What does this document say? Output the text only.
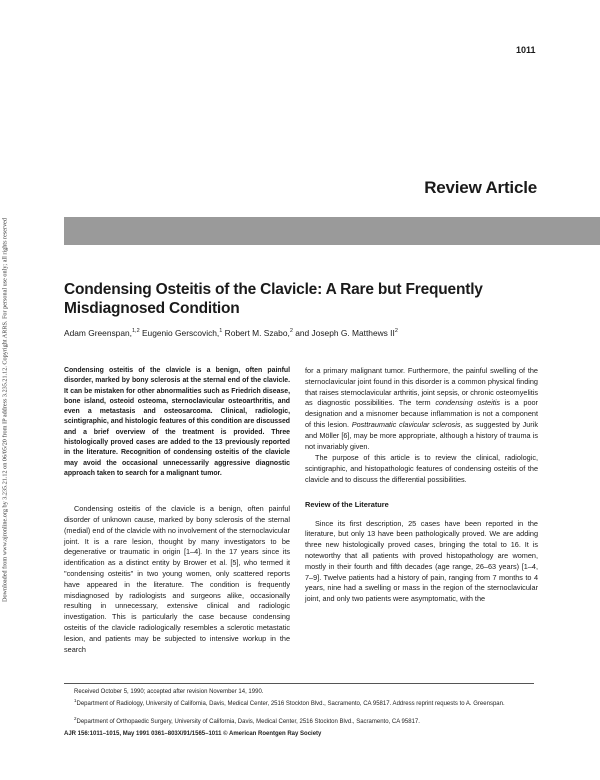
Downloaded from www.ajronline.org by 3.235.21.12 on 06/05/20 from IP address 3.235.21.12. Copyright ARRS. For personal use only; all rights reserved
1011
Review Article
Condensing Osteitis of the Clavicle: A Rare but Frequently Misdiagnosed Condition
Adam Greenspan,$^{1,2}$ Eugenio Gerscovich,$^1$ Robert M. Szabo,$^2$ and Joseph G. Matthews $II^2$

Condensing osteitis of the clavicle is a benign, often painful disorder, marked by bony sclerosis at the sternal end of the clavicle. It can be mistaken for other abnormalities such as Friedrich disease, bone island, osteoid osteoma, sternoclavicular osteoarthritis, and even a metastasis and osteosarcoma. Clinical, radiologic, scintigraphic, and histologic features of this condition are discussed and a brief overview of the treatment is provided. Three histologically proved cases are added to the 13 previously reported in the literature. Recognition of condensing osteitis of the clavicle may avoid the occasional unnecessarily aggressive diagnostic approach taken to search for a malignant tumor.

Condensing osteitis of the clavicle is a benign, often painful disorder of unknown cause, marked by bony sclerosis of the sternal (medial) end of the clavicle with no involvement of the sternoclavicular joint. It is a rare lesion, thought by many investigators to be degenerative or traumatic in origin [1–4]. In the 17 years since its identification as a distinct entity by Brower et al. [5], who termed it "condensing osteitis" in two young women, only scattered reports have appeared in the literature. The condition is frequently misdiagnosed by radiologists and surgeons alike, occasionally resulting in unnecessary, extensive clinical and radiologic investigation. This is particularly the case because condensing osteitis of the clavicle radiologically resembles a sclerotic metastatic lesion, and patients may be subjected to intensive workup in the search

for a primary malignant tumor. Furthermore, the painful swelling of the sternoclavicular joint found in this disorder is a common physical finding that raises sternoclavicular arthritis, joint sepsis, or chronic osteomyelitis as diagnostic possibilities. The term condensing osteitis is a poor designation and a misnomer because inflammation is not a component of this lesion. Posttraumatic clavicular sclerosis, as suggested by Jurik and Möller [6], may be more appropriate, although a history of trauma is not invariably given.

The purpose of this article is to review the clinical, radiologic, scintigraphic, and histopathologic features of condensing osteitis of the clavicle and to discuss the differential possibilities.

Review of the Literature

Since its first description, 25 cases have been reported in the literature, but only 13 have been pathologically proved. We are adding three new histologically proved cases, bringing the total to 16. It is noteworthy that all patients with proved histopathology are women, mostly in their fourth and fifth decades (age range, 26–63 years) [1–4, 7–9]. Twelve patients had a history of pain, ranging from 7 months to 4 years, nine had a swelling or mass in the region of the sternoclavicular joint, and only two patients were asymptomatic, with the

Received October 5, 1990; accepted after revision November 14, 1990.
$^1$Department of Radiology, University of California, Davis, Medical Center, 2516 Stockton Blvd., Sacramento, CA 95817. Address reprint requests to A. Greenspan.
$^2$Department of Orthopaedic Surgery, University of California, Davis, Medical Center, 2516 Stockton Blvd., Sacramento, CA 95817.
AJR 156:1011–1015, May 1991 0361–803X/91/1565–1011 © American Roentgen Ray Society
